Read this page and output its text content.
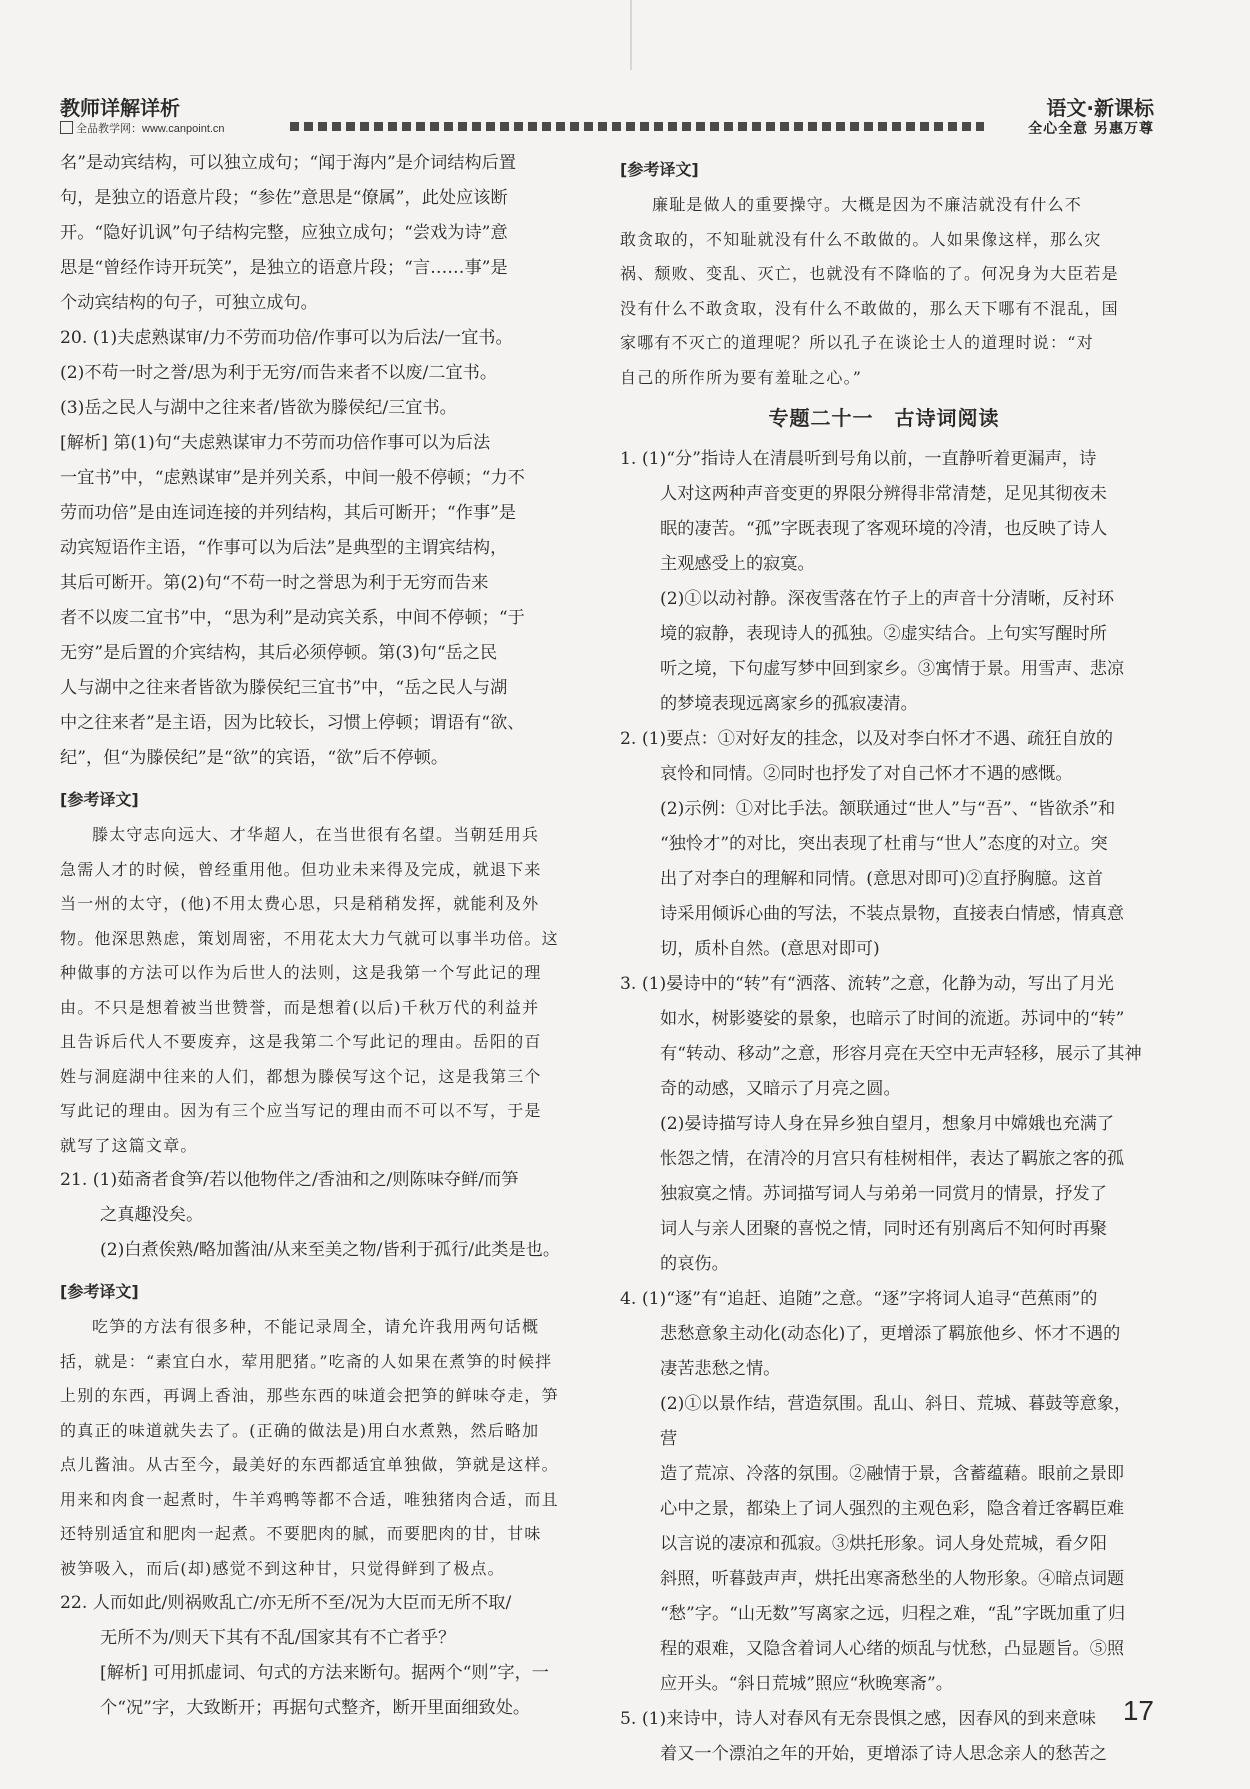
教师详解详析
全品教学网：www.canpoint.cn
语文·新课标
全心全意 另惠万尊
名”是动宾结构，可以独立成句；“闻于海内”是介词结构后置
句，是独立的语意片段；“参佐”意思是“僚属”，此处应该断
开。“隐好讥讽”句子结构完整，应独立成句；“尝戏为诗”意
思是“曾经作诗开玩笑”，是独立的语意片段；“言……事”是
个动宾结构的句子，可独立成句。
20. (1)夫虑熟谋审/力不劳而功倍/作事可以为后法/一宜书。
(2)不苟一时之誉/思为利于无穷/而告来者不以废/二宜书。
(3)岳之民人与湖中之往来者/皆欲为滕侯纪/三宜书。
[解析] 第(1)句“夫虑熟谋审力不劳而功倍作事可以为后法
一宜书”中，“虑熟谋审”是并列关系，中间一般不停顿；“力不
劳而功倍”是由连词连接的并列结构，其后可断开；“作事”是
动宾短语作主语，“作事可以为后法”是典型的主谓宾结构，
其后可断开。第(2)句“不苟一时之誉思为利于无穷而告来
者不以废二宜书”中，“思为利”是动宾关系，中间不停顿；“于
无穷”是后置的介宾结构，其后必须停顿。第(3)句“岳之民
人与湖中之往来者皆欲为滕侯纪三宜书”中，“岳之民人与湖
中之往来者”是主语，因为比较长，习惯上停顿；谓语有“欲、
纪”，但“为滕侯纪”是“欲”的宾语，“欲”后不停顿。
[参考译文]
滕太守志向远大、才华超人，在当世很有名望。当朝廷用兵
急需人才的时候，曾经重用他。但功业未来得及完成，就退下来
当一州的太守，(他)不用太费心思，只是稍稍发挥，就能利及外
物。他深思熟虑，策划周密，不用花太大力气就可以事半功倍。这
种做事的方法可以作为后世人的法则，这是我第一个写此记的理
由。不只是想着被当世赞誉，而是想着(以后)千秋万代的利益并
且告诉后代人不要废弃，这是我第二个写此记的理由。岳阳的百
姓与洞庭湖中往来的人们，都想为滕侯写这个记，这是我第三个
写此记的理由。因为有三个应当写记的理由而不可以不写，于是
就写了这篇文章。
21. (1)茹斋者食笋/若以他物伴之/香油和之/则陈味夺鲜/而笋
之真趣没矣。
(2)白煮俟熟/略加酱油/从来至美之物/皆利于孤行/此类是也。
[参考译文]
吃笋的方法有很多种，不能记录周全，请允许我用两句话概
括，就是：“素宜白水，荤用肥猪。”吃斋的人如果在煮笋的时候拌
上别的东西，再调上香油，那些东西的味道会把笋的鲜味夺走，笋
的真正的味道就失去了。(正确的做法是)用白水煮熟，然后略加
点儿酱油。从古至今，最美好的东西都适宜单独做，笋就是这样。
用来和肉食一起煮时，牛羊鸡鸭等都不合适，唯独猪肉合适，而且
还特别适宜和肥肉一起煮。不要肥肉的腻，而要肥肉的甘，甘味
被笋吸入，而后(却)感觉不到这种甘，只觉得鲜到了极点。
22. 人而如此/则祸败乱亡/亦无所不至/况为大臣而无所不取/
无所不为/则天下其有不乱/国家其有不亡者乎？
[解析] 可用抓虚词、句式的方法来断句。据两个“则”字，一
个“况”字，大致断开；再据句式整齐，断开里面细致处。
[参考译文]
廉耻是做人的重要操守。大概是因为不廉洁就没有什么不
敢贪取的，不知耻就没有什么不敢做的。人如果像这样，那么灾
祸、颓败、变乱、灭亡，也就没有不降临的了。何况身为大臣若是
没有什么不敢贪取，没有什么不敢做的，那么天下哪有不混乱，国
家哪有不灭亡的道理呢？所以孔子在谈论士人的道理时说：“对
自己的所作所为要有羞耻之心。”
专题二十一　古诗词阅读
1. (1)“分”指诗人在清晨听到号角以前，一直静听着更漏声，诗
人对这两种声音变更的界限分辨得非常清楚，足见其彻夜未
眠的凄苦。“孤”字既表现了客观环境的冷清，也反映了诗人
主观感受上的寂寞。
(2)①以动衬静。深夜雪落在竹子上的声音十分清晰，反衬环
境的寂静，表现诗人的孤独。②虚实结合。上句实写醒时所
听之境，下句虚写梦中回到家乡。③寓情于景。用雪声、悲凉
的梦境表现远离家乡的孤寂凄清。
2. (1)要点：①对好友的挂念，以及对李白怀才不遇、疏狂自放的
哀怜和同情。②同时也抒发了对自己怀才不遇的感慨。
(2)示例：①对比手法。颔联通过“世人”与“吾”、“皆欲杀”和
“独怜才”的对比，突出表现了杜甫与“世人”态度的对立。突
出了对李白的理解和同情。(意思对即可)②直抒胸臆。这首
诗采用倾诉心曲的写法，不装点景物，直接表白情感，情真意
切，质朴自然。(意思对即可)
3. (1)晏诗中的“转”有“洒落、流转”之意，化静为动，写出了月光
如水，树影婆娑的景象，也暗示了时间的流逝。苏词中的“转”
有“转动、移动”之意，形容月亮在天空中无声轻移，展示了其神
奇的动感，又暗示了月亮之圆。
(2)晏诗描写诗人身在异乡独自望月，想象月中嫦娥也充满了
怅怨之情，在清冷的月宫只有桂树相伴，表达了羁旅之客的孤
独寂寞之情。苏词描写词人与弟弟一同赏月的情景，抒发了
词人与亲人团聚的喜悦之情，同时还有别离后不知何时再聚
的哀伤。
4. (1)“逐”有“追赶、追随”之意。“逐”字将词人追寻“芭蕉雨”的
悲愁意象主动化(动态化)了，更增添了羁旅他乡、怀才不遇的
凄苦悲愁之情。
(2)①以景作结，营造氛围。乱山、斜日、荒城、暮鼓等意象，营
造了荒凉、冷落的氛围。②融情于景，含蓄蕴藉。眼前之景即
心中之景，都染上了词人强烈的主观色彩，隐含着迁客羁臣难
以言说的凄凉和孤寂。③烘托形象。词人身处荒城，看夕阳
斜照，听暮鼓声声，烘托出寒斋愁坐的人物形象。④暗点词题
“愁”字。“山无数”写离家之远，归程之难，“乱”字既加重了归
程的艰难，又隐含着词人心绪的烦乱与忧愁，凸显题旨。⑤照
应开头。“斜日荒城”照应“秋晚寒斋”。
5. (1)来诗中，诗人对春风有无奈畏惧之感，因春风的到来意味
着又一个漂泊之年的开始，更增添了诗人思念亲人的愁苦之
17
